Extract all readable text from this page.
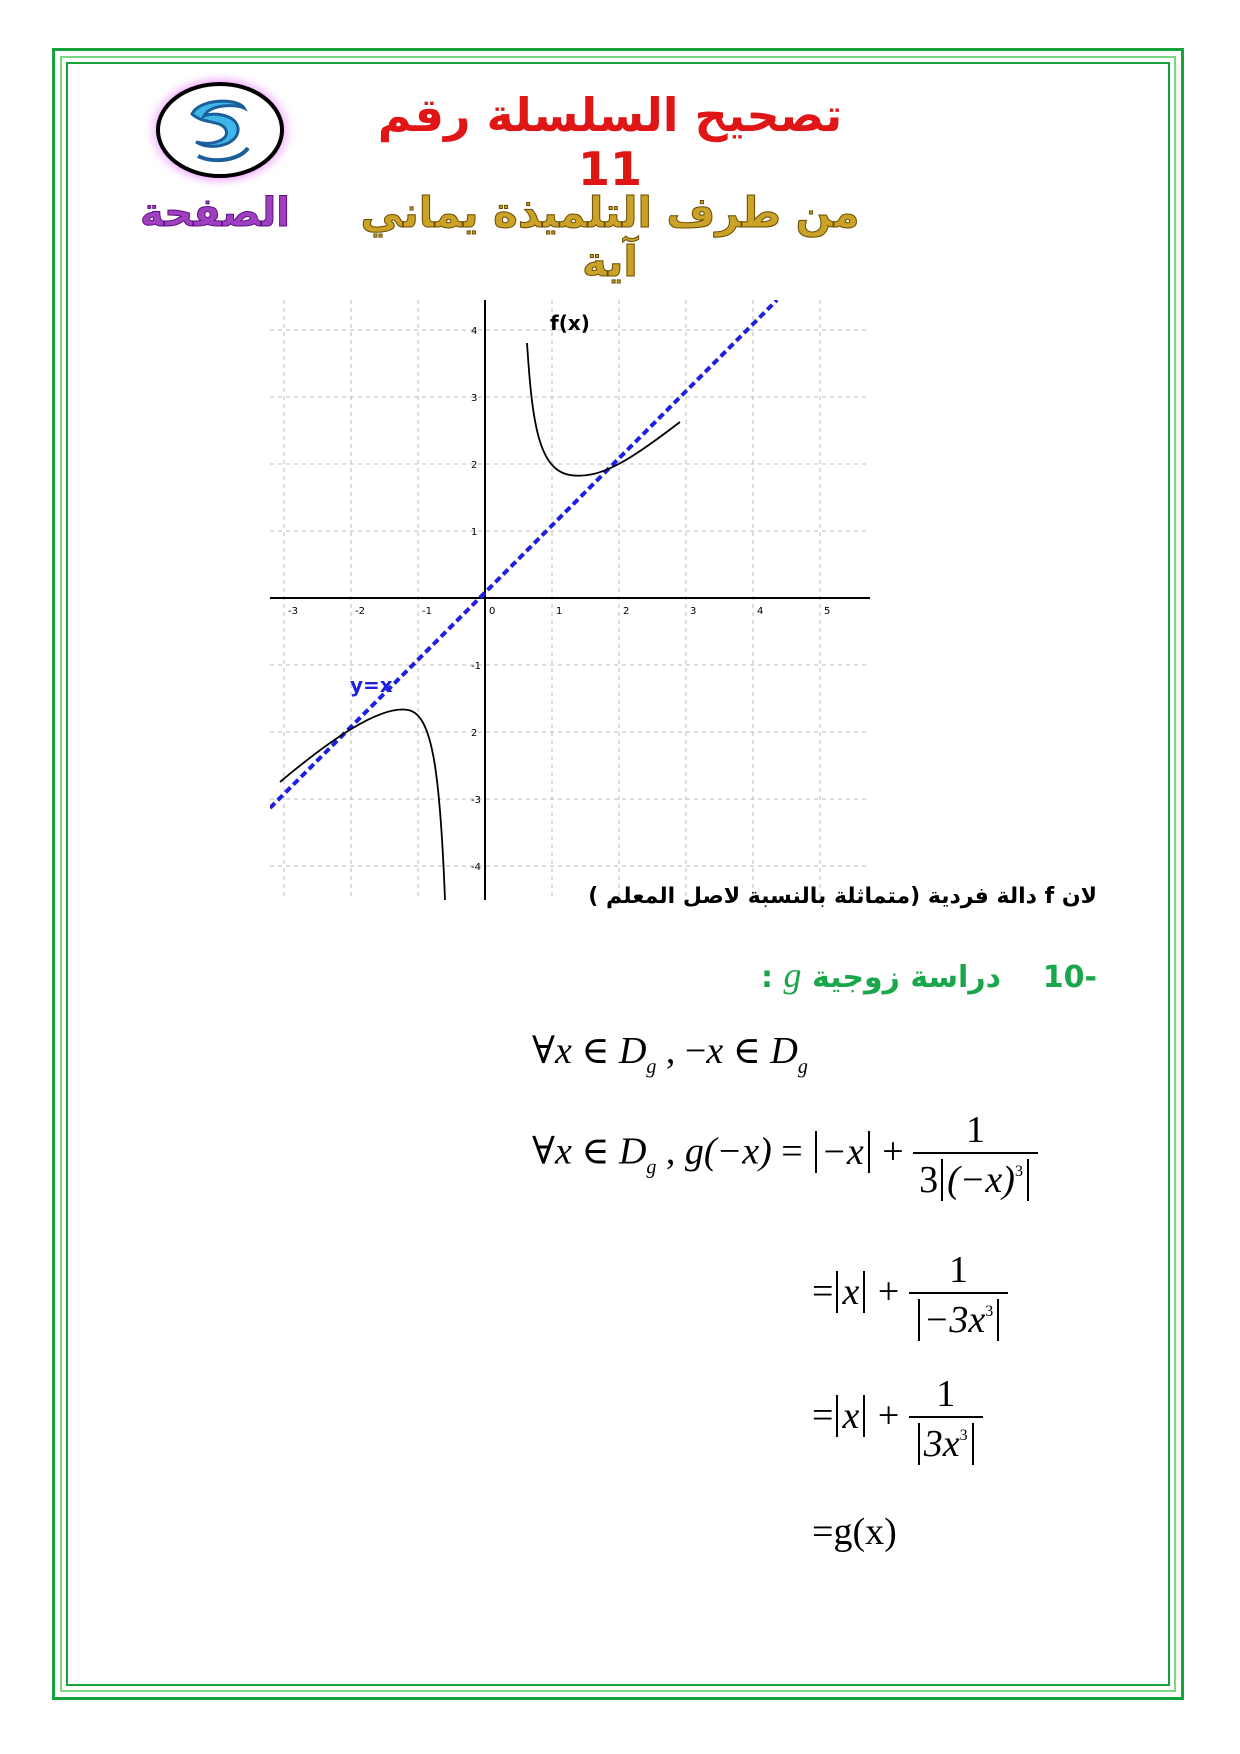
الصفحة
تصحيح السلسلة رقم 11
من طرف التلميذة يماني آية
-3	-2	-1	0	1	2	3	4	5
4
3
2
1
-1
2
-3
-4
f(x)
y=x
لان f دالة فردية (متماثلة بالنسبة لاصل المعلم )
-10    دراسة زوجية g :
∀x ∈ $D_g$ , −x ∈ $D_g$
∀x ∈ $D_g$ , $g(-x) = -x + \frac{1}{3 (-x)^3}$
= $x + \frac{1}{-3x^3}$
= $x + \frac{1}{3x^3}$
=g(x)
